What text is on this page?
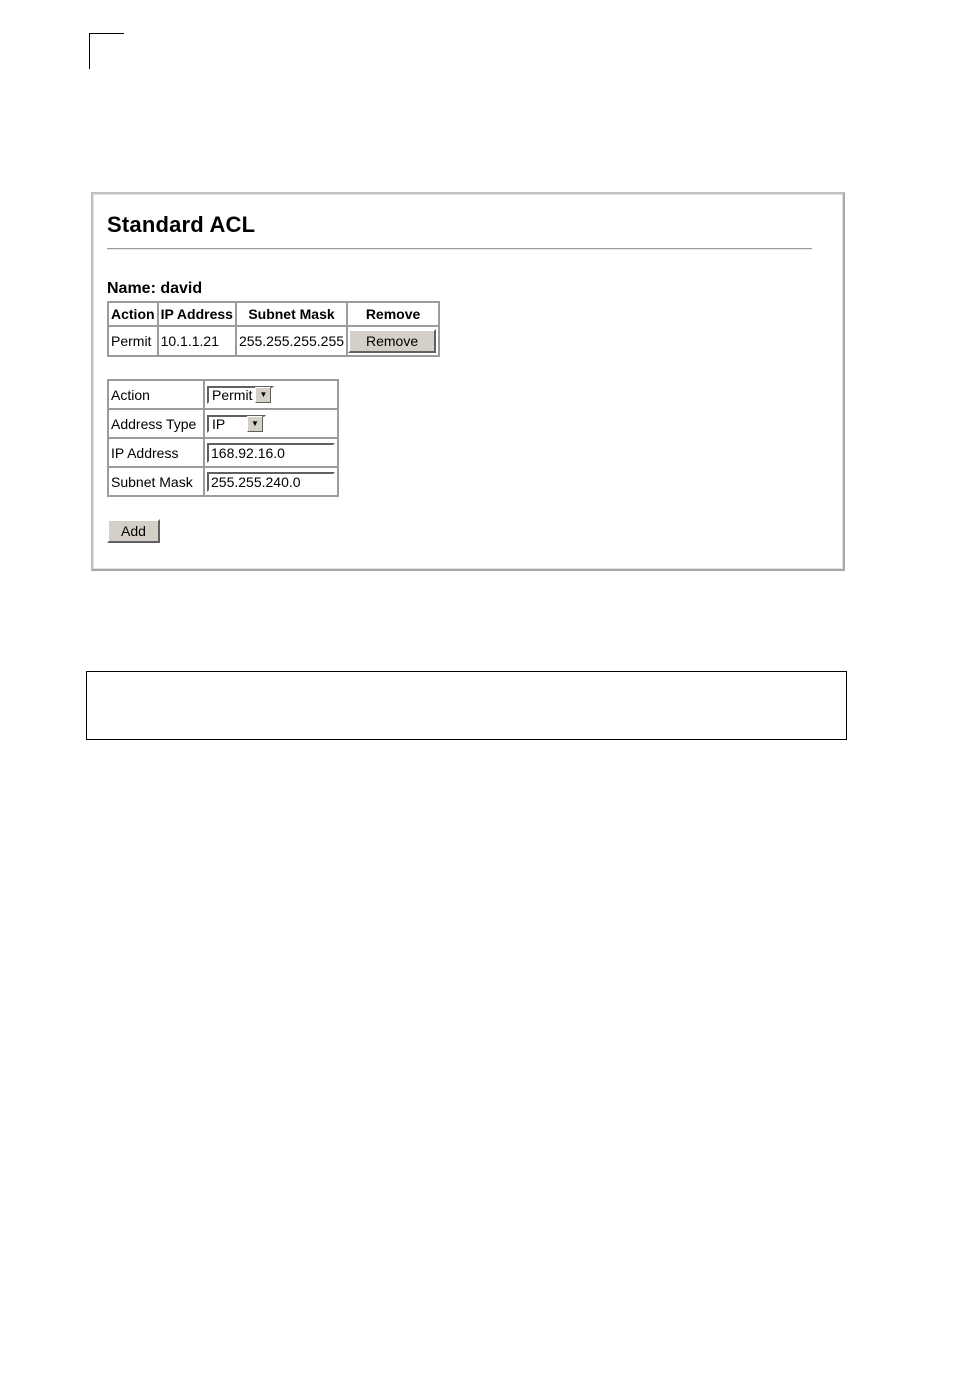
Standard ACL
Name: david
Action	IP Address	Subnet Mask	Remove
Permit	10.1.1.21	255.255.255.255	Remove
Action	Permit ▼

Address Type	IP ▼

IP Address	168.92.16.0
Subnet Mask	255.255.240.0
Add
